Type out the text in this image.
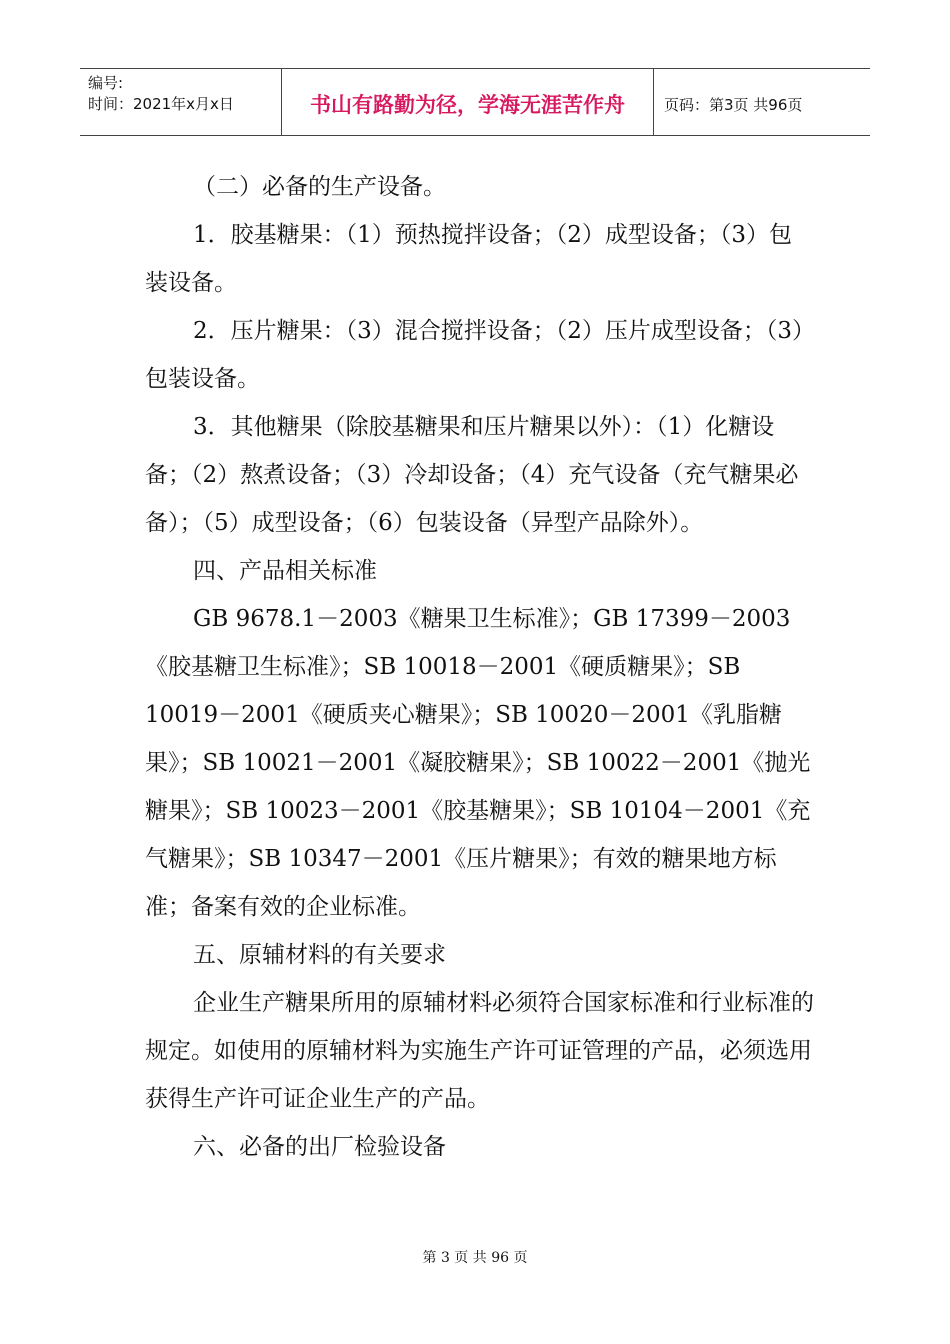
编号:
时间：2021年x月x日	书山有路勤为径，学海无涯苦作舟	页码：第3页 共96页

（二）必备的生产设备。

1．胶基糖果：（1）预热搅拌设备；（2）成型设备；（3）包装设备。

2．压片糖果：（3）混合搅拌设备；（2）压片成型设备；（3）包装设备。

3．其他糖果（除胶基糖果和压片糖果以外）：（1）化糖设备；（2）熬煮设备；（3）冷却设备；（4）充气设备（充气糖果必备）；（5）成型设备；（6）包装设备（异型产品除外）。

四、产品相关标准

GB 9678.1－2003《糖果卫生标准》；GB 17399－2003《胶基糖卫生标准》；SB 10018－2001《硬质糖果》；SB 10019－2001《硬质夹心糖果》；SB 10020－2001《乳脂糖果》；SB 10021－2001《凝胶糖果》；SB 10022－2001《抛光糖果》；SB 10023－2001《胶基糖果》；SB 10104－2001《充气糖果》；SB 10347－2001《压片糖果》；有效的糖果地方标准；备案有效的企业标准。

五、原辅材料的有关要求

企业生产糖果所用的原辅材料必须符合国家标准和行业标准的规定。如使用的原辅材料为实施生产许可证管理的产品，必须选用获得生产许可证企业生产的产品。

六、必备的出厂检验设备

第 3 页 共 96 页
